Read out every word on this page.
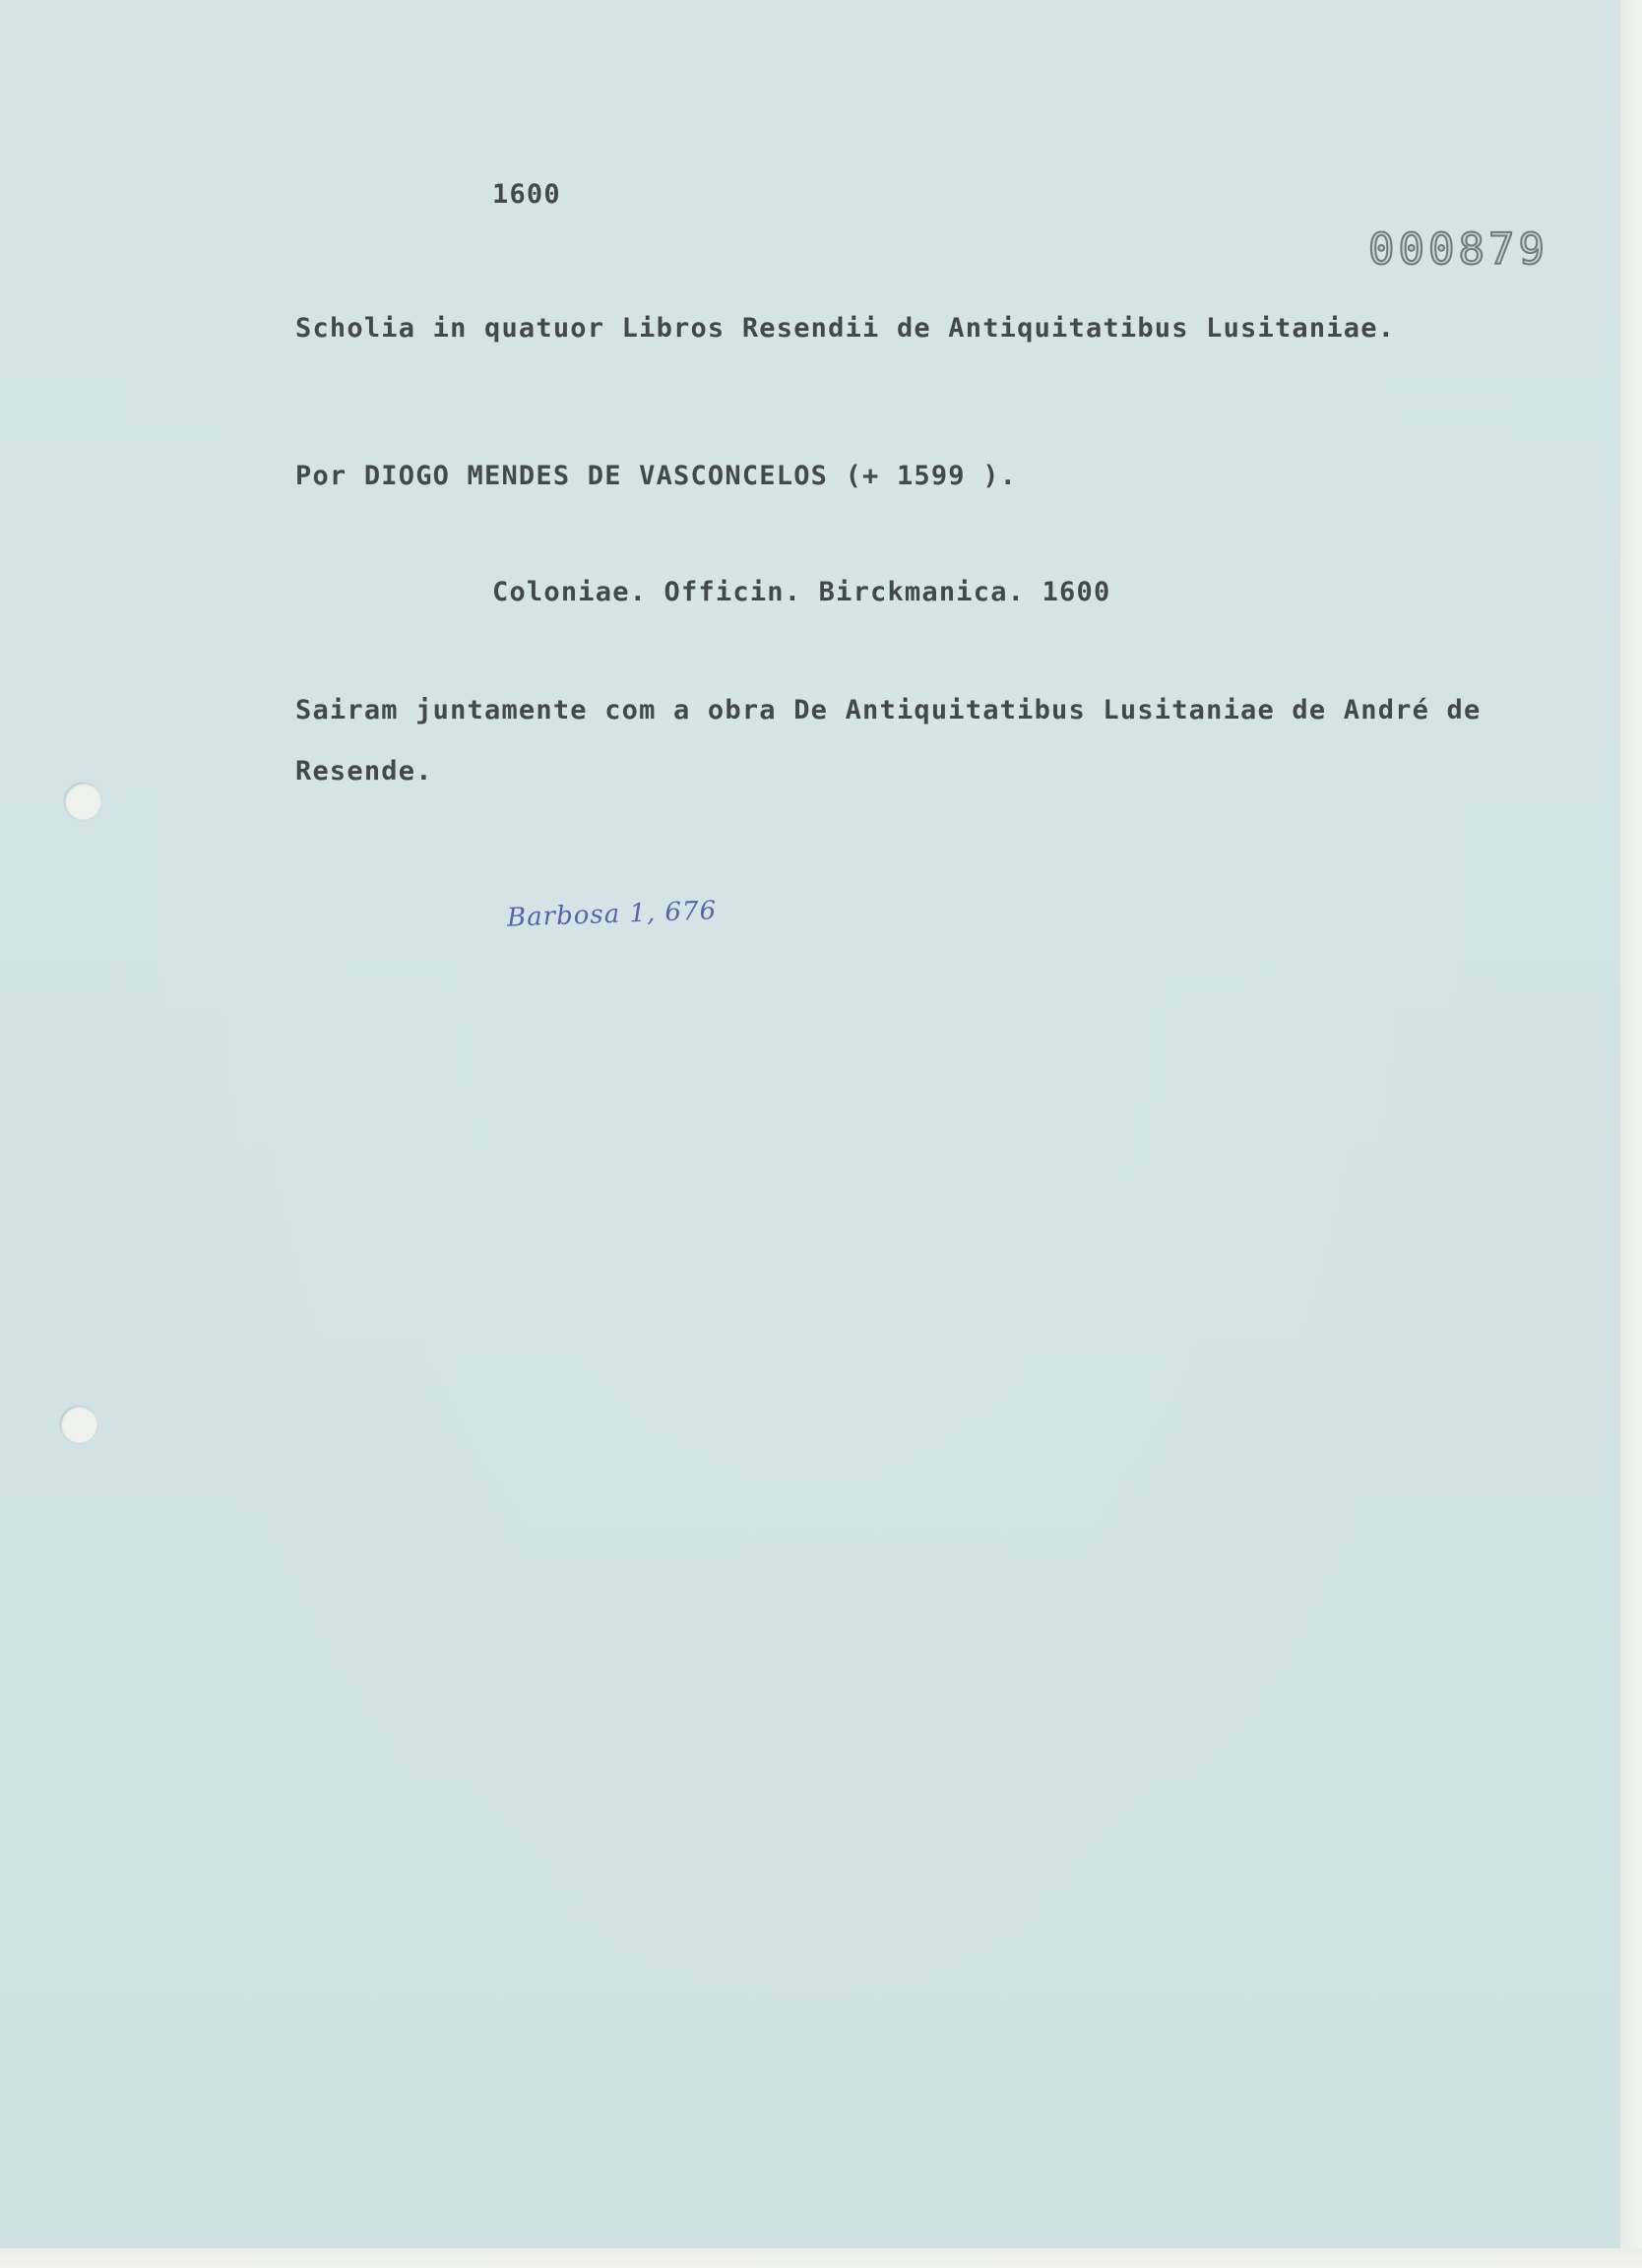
1600
000879
Scholia in quatuor Libros Resendii de Antiquitatibus Lusitaniae.
Por DIOGO MENDES DE VASCONCELOS (+ 1599 ).
Coloniae. Officin. Birckmanica. 1600
Sairam juntamente com a obra De Antiquitatibus Lusitaniae de André de
Resende.
Barbosa 1, 676
